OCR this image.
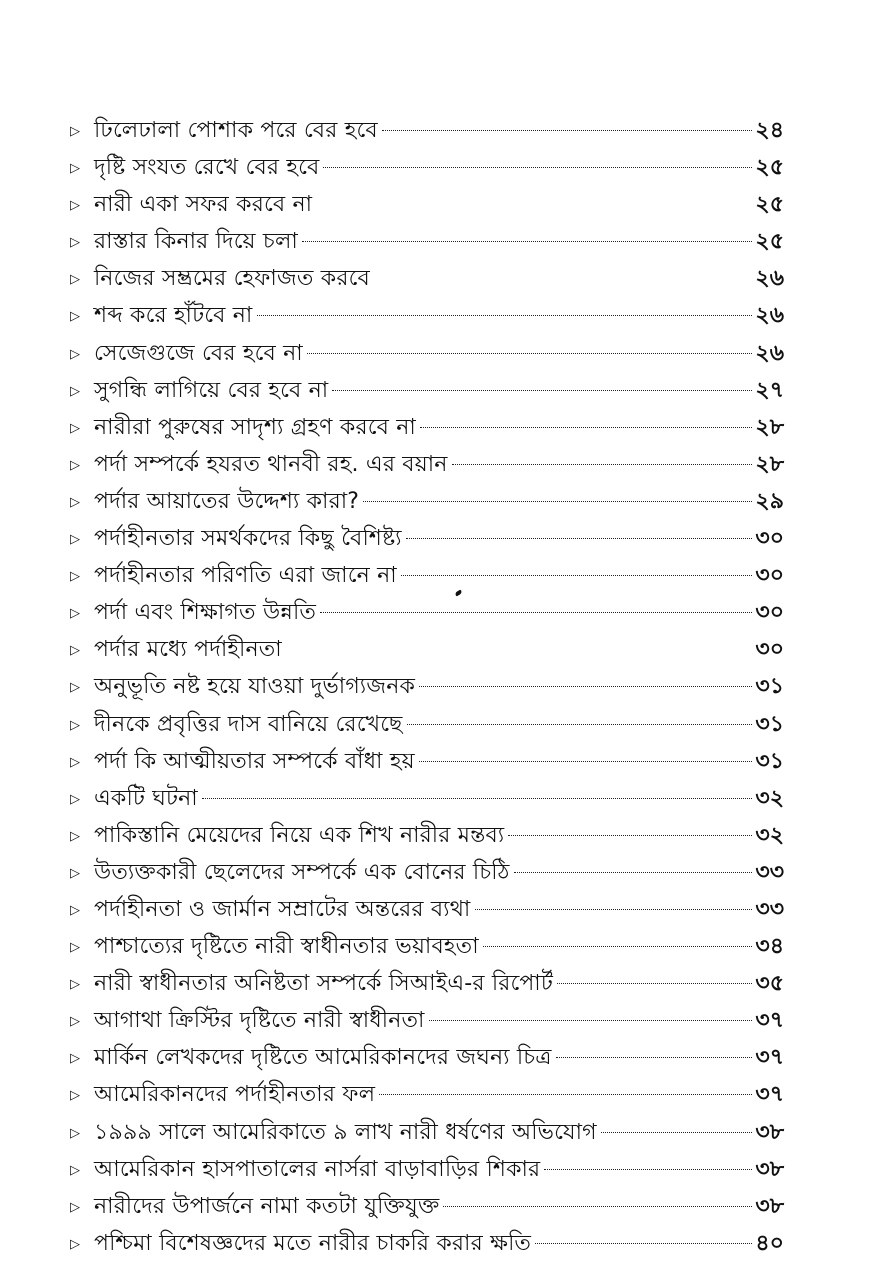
▷ ঢিলেঢালা পোশাক পরে বের হবে	২৪
▷ দৃষ্টি সংযত রেখে বের হবে	২৫
▷ নারী একা সফর করবে না	২৫
▷ রাস্তার কিনার দিয়ে চলা	২৫
▷ নিজের সম্ভ্রমের হেফাজত করবে	২৬
▷ শব্দ করে হাঁটবে না	২৬
▷ সেজেগুজে বের হবে না	২৬
▷ সুগন্ধি লাগিয়ে বের হবে না	২৭
▷ নারীরা পুরুষের সাদৃশ্য গ্রহণ করবে না	২৮
▷ পর্দা সম্পর্কে হযরত থানবী রহ. এর বয়ান	২৮
▷ পর্দার আয়াতের উদ্দেশ্য কারা?	২৯
▷ পর্দাহীনতার সমর্থকদের কিছু বৈশিষ্ট্য	৩০
▷ পর্দাহীনতার পরিণতি এরা জানে না	৩০
▷ পর্দা এবং শিক্ষাগত উন্নতি	৩০
▷ পর্দার মধ্যে পর্দাহীনতা	৩০
▷ অনুভূতি নষ্ট হয়ে যাওয়া দুর্ভাগ্যজনক	৩১
▷ দীনকে প্রবৃত্তির দাস বানিয়ে রেখেছে	৩১
▷ পর্দা কি আত্মীয়তার সম্পর্কে বাঁধা হয়	৩১
▷ একটি ঘটনা	৩২
▷ পাকিস্তানি মেয়েদের নিয়ে এক শিখ নারীর মন্তব্য	৩২
▷ উত্যক্তকারী ছেলেদের সম্পর্কে এক বোনের চিঠি	৩৩
▷ পর্দাহীনতা ও জার্মান সম্রাটের অন্তরের ব্যথা	৩৩
▷ পাশ্চাত্যের দৃষ্টিতে নারী স্বাধীনতার ভয়াবহতা	৩৪
▷ নারী স্বাধীনতার অনিষ্টতা সম্পর্কে সিআইএ-র রিপোর্ট	৩৫
▷ আগাথা ক্রিস্টির দৃষ্টিতে নারী স্বাধীনতা	৩৭
▷ মার্কিন লেখকদের দৃষ্টিতে আমেরিকানদের জঘন্য চিত্র	৩৭
▷ আমেরিকানদের পর্দাহীনতার ফল	৩৭
▷ ১৯৯৯ সালে আমেরিকাতে ৯ লাখ নারী ধর্ষণের অভিযোগ	৩৮
▷ আমেরিকান হাসপাতালের নার্সরা বাড়াবাড়ির শিকার	৩৮
▷ নারীদের উপার্জনে নামা কতটা যুক্তিযুক্ত	৩৮
▷ পশ্চিমা বিশেষজ্ঞদের মতে নারীর চাকরি করার ক্ষতি	৪০
